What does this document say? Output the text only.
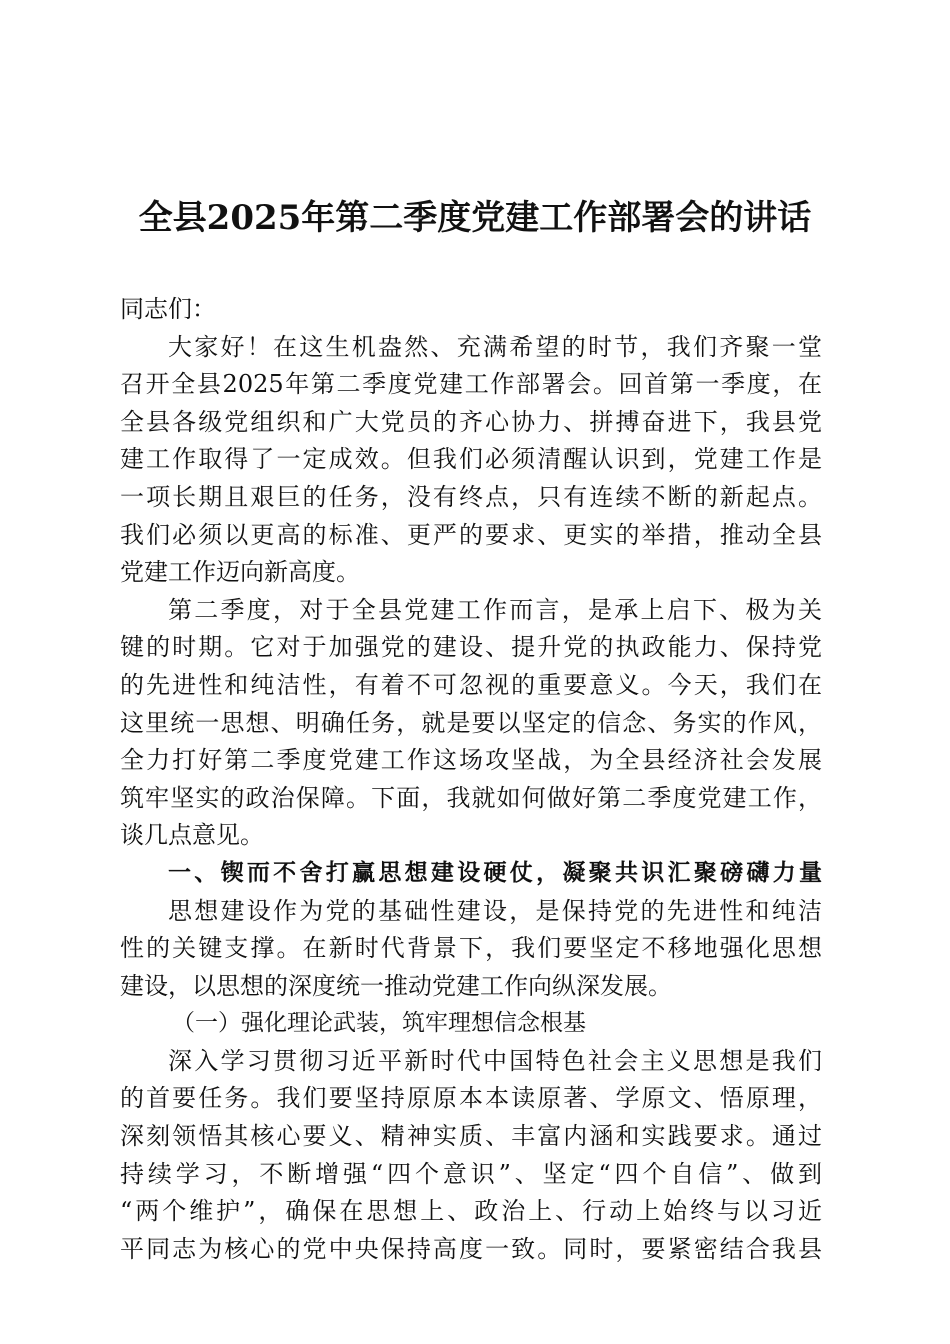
全县2025年第二季度党建工作部署会的讲话
同志们：
大家好！在这生机盎然、充满希望的时节，我们齐聚一堂
召开全县2025年第二季度党建工作部署会。回首第一季度，在
全县各级党组织和广大党员的齐心协力、拼搏奋进下，我县党
建工作取得了一定成效。但我们必须清醒认识到，党建工作是
一项长期且艰巨的任务，没有终点，只有连续不断的新起点。
我们必须以更高的标准、更严的要求、更实的举措，推动全县
党建工作迈向新高度。
第二季度，对于全县党建工作而言，是承上启下、极为关
键的时期。它对于加强党的建设、提升党的执政能力、保持党
的先进性和纯洁性，有着不可忽视的重要意义。今天，我们在
这里统一思想、明确任务，就是要以坚定的信念、务实的作风，
全力打好第二季度党建工作这场攻坚战，为全县经济社会发展
筑牢坚实的政治保障。下面，我就如何做好第二季度党建工作，
谈几点意见。
一、锲而不舍打赢思想建设硬仗，凝聚共识汇聚磅礴力量
思想建设作为党的基础性建设，是保持党的先进性和纯洁
性的关键支撑。在新时代背景下，我们要坚定不移地强化思想
建设，以思想的深度统一推动党建工作向纵深发展。
（一）强化理论武装，筑牢理想信念根基
深入学习贯彻习近平新时代中国特色社会主义思想是我们
的首要任务。我们要坚持原原本本读原著、学原文、悟原理，
深刻领悟其核心要义、精神实质、丰富内涵和实践要求。通过
持续学习，不断增强“四个意识”、坚定“四个自信”、做到
“两个维护”，确保在思想上、政治上、行动上始终与以习近
平同志为核心的党中央保持高度一致。同时，要紧密结合我县
